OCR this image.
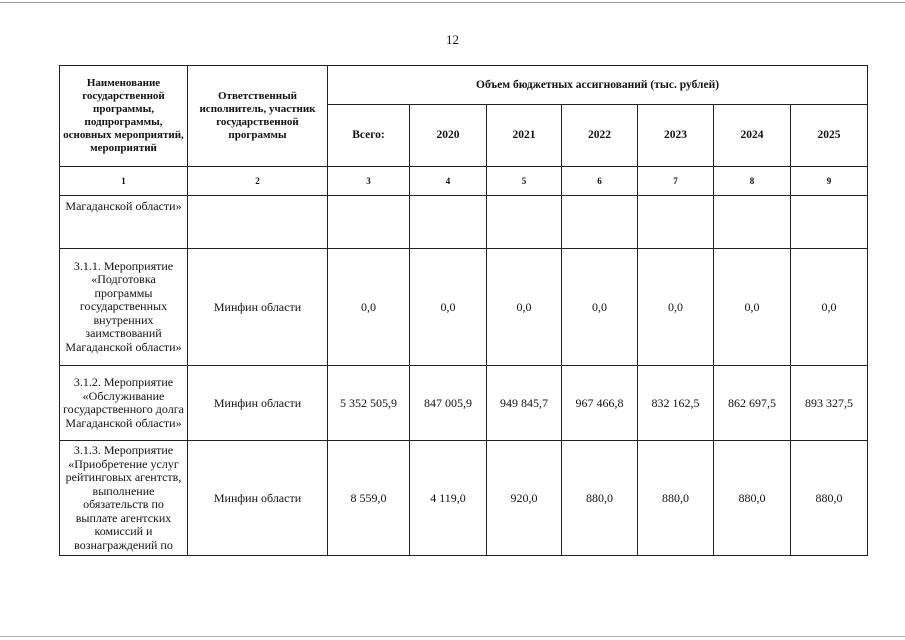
12
Наименование государственной программы, подпрограммы, основных мероприятий, мероприятий	Ответственный исполнитель, участник государственной программы	Объем бюджетных ассигнований (тыс. рублей)						
		Всего:	2020	2021	2022	2023	2024	2025
1	2	3	4	5	6	7	8	9
Магаданской области»								
3.1.1. Мероприятие «Подготовка программы государственных внутренних заимствований Магаданской области»	Минфин области	0,0	0,0	0,0	0,0	0,0	0,0	0,0
3.1.2. Мероприятие «Обслуживание государственного долга Магаданской области»	Минфин области	5 352 505,9	847 005,9	949 845,7	967 466,8	832 162,5	862 697,5	893 327,5
3.1.3. Мероприятие «Приобретение услуг рейтинговых агентств, выполнение обязательств по выплате агентских комиссий и вознаграждений по	Минфин области	8 559,0	4 119,0	920,0	880,0	880,0	880,0	880,0
